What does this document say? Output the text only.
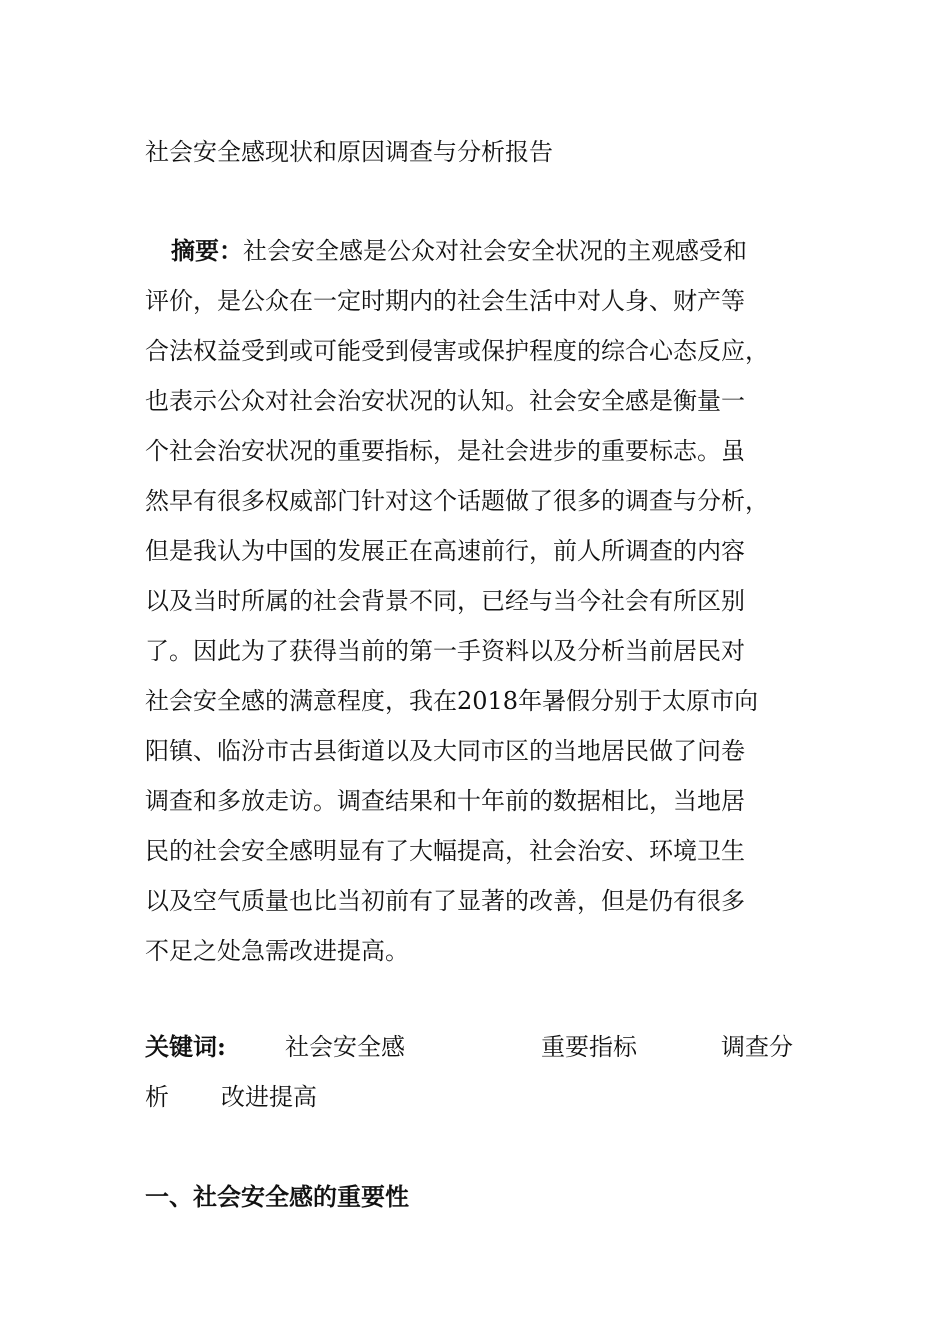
社会安全感现状和原因调查与分析报告
摘要：社会安全感是公众对社会安全状况的主观感受和
评价，是公众在一定时期内的社会生活中对人身、财产等
合法权益受到或可能受到侵害或保护程度的综合心态反应，
也表示公众对社会治安状况的认知。社会安全感是衡量一
个社会治安状况的重要指标，是社会进步的重要标志。虽
然早有很多权威部门针对这个话题做了很多的调查与分析，
但是我认为中国的发展正在高速前行，前人所调查的内容
以及当时所属的社会背景不同，已经与当今社会有所区别
了。因此为了获得当前的第一手资料以及分析当前居民对
社会安全感的满意程度，我在2018年暑假分别于太原市向
阳镇、临汾市古县街道以及大同市区的当地居民做了问卷
调查和多放走访。调查结果和十年前的数据相比，当地居
民的社会安全感明显有了大幅提高，社会治安、环境卫生
以及空气质量也比当初前有了显著的改善，但是仍有很多
不足之处急需改进提高。
关键词: 社会安全感	重要指标	调查分
析 改进提高
一、社会安全感的重要性
